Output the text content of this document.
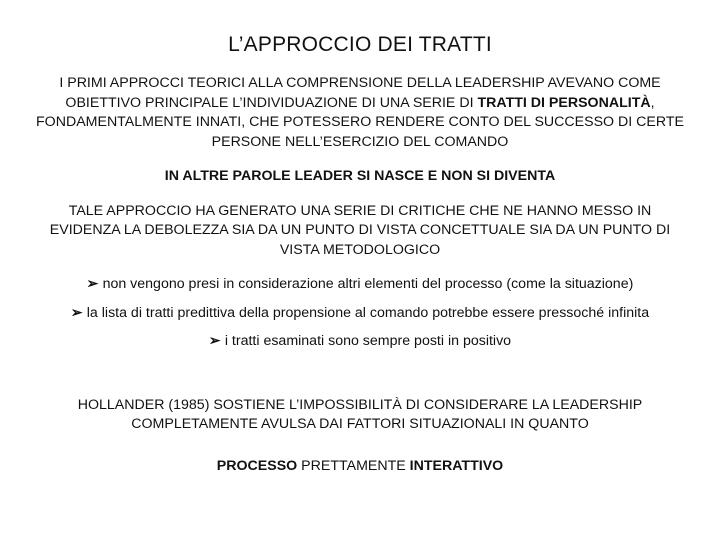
L’APPROCCIO DEI TRATTI

I PRIMI APPROCCI TEORICI ALLA COMPRENSIONE DELLA LEADERSHIP AVEVANO COME OBIETTIVO PRINCIPALE L’INDIVIDUAZIONE DI UNA SERIE DI TRATTI DI PERSONALITÀ, FONDAMENTALMENTE INNATI, CHE POTESSERO RENDERE CONTO DEL SUCCESSO DI CERTE PERSONE NELL’ESERCIZIO DEL COMANDO

IN ALTRE PAROLE LEADER SI NASCE E NON SI DIVENTA

TALE APPROCCIO HA GENERATO UNA SERIE DI CRITICHE CHE NE HANNO MESSO IN EVIDENZA LA DEBOLEZZA SIA DA UN PUNTO DI VISTA CONCETTUALE SIA DA UN PUNTO DI VISTA METODOLOGICO

➢ non vengono presi in considerazione altri elementi del processo (come la situazione)

➢ la lista di tratti predittiva della propensione al comando potrebbe essere pressoché infinita

➢ i tratti esaminati sono sempre posti in positivo

HOLLANDER (1985) SOSTIENE L’IMPOSSIBILITÀ DI CONSIDERARE LA LEADERSHIP COMPLETAMENTE AVULSA DAI FATTORI SITUAZIONALI IN QUANTO

PROCESSO PRETTAMENTE INTERATTIVO
